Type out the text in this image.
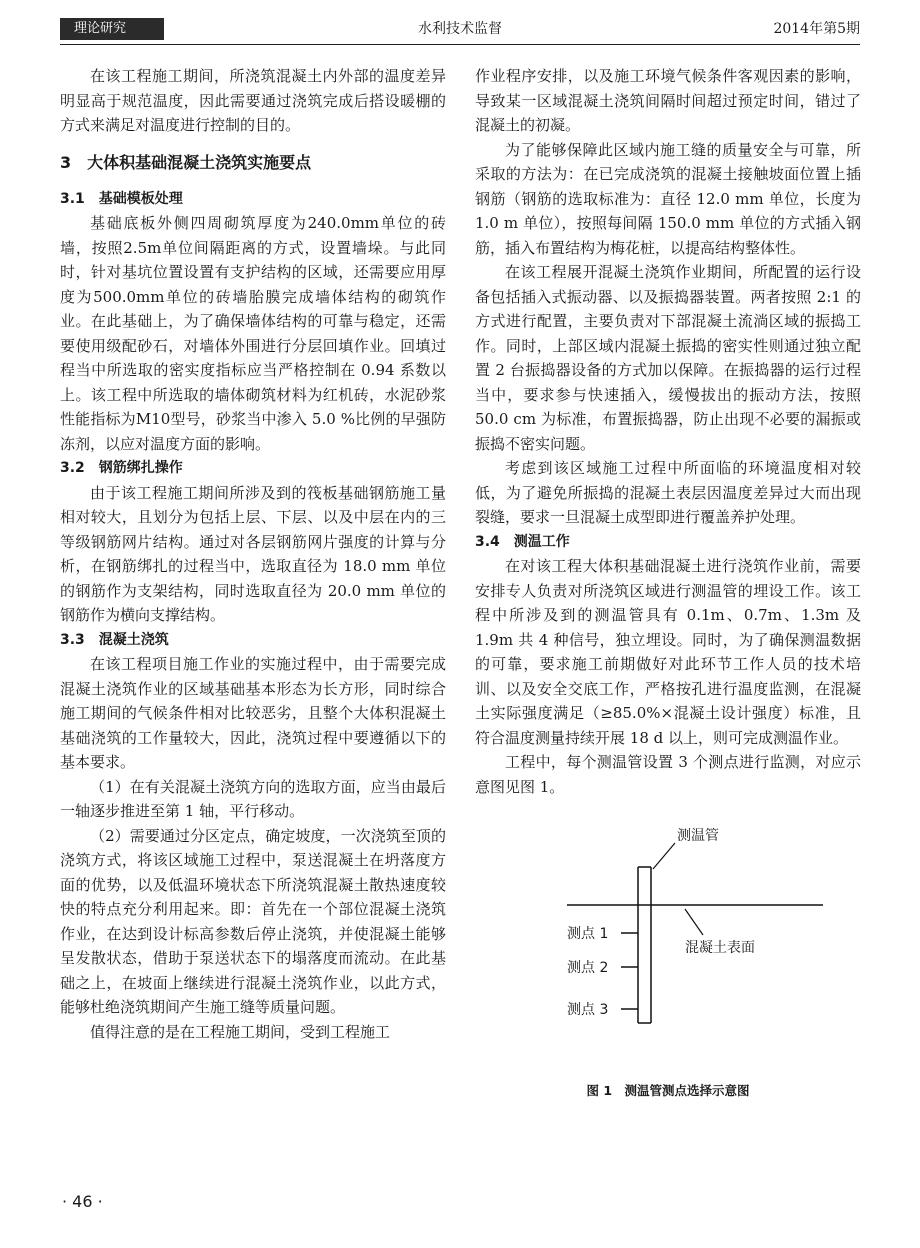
理论研究	水利技术监督	2014年第5期

在该工程施工期间，所浇筑混凝土内外部的温度差异明显高于规范温度，因此需要通过浇筑完成后搭设暖棚的方式来满足对温度进行控制的目的。

3　大体积基础混凝土浇筑实施要点
3.1　基础模板处理

基础底板外侧四周砌筑厚度为240.0mm单位的砖墙，按照2.5m单位间隔距离的方式，设置墙垛。与此同时，针对基坑位置设置有支护结构的区域，还需要应用厚度为500.0mm单位的砖墙胎膜完成墙体结构的砌筑作业。在此基础上，为了确保墙体结构的可靠与稳定，还需要使用级配砂石，对墙体外围进行分层回填作业。回填过程当中所选取的密实度指标应当严格控制在 0.94 系数以上。该工程中所选取的墙体砌筑材料为红机砖，水泥砂浆性能指标为M10型号，砂浆当中渗入 5.0 %比例的早强防冻剂，以应对温度方面的影响。

3.2　钢筋绑扎操作

由于该工程施工期间所涉及到的筏板基础钢筋施工量相对较大，且划分为包括上层、下层、以及中层在内的三等级钢筋网片结构。通过对各层钢筋网片强度的计算与分析，在钢筋绑扎的过程当中，选取直径为 18.0 mm 单位的钢筋作为支架结构，同时选取直径为 20.0 mm 单位的钢筋作为横向支撑结构。

3.3　混凝土浇筑

在该工程项目施工作业的实施过程中，由于需要完成混凝土浇筑作业的区域基础基本形态为长方形，同时综合施工期间的气候条件相对比较恶劣，且整个大体积混凝土基础浇筑的工作量较大，因此，浇筑过程中要遵循以下的基本要求。

（1）在有关混凝土浇筑方向的选取方面，应当由最后一轴逐步推进至第 1 轴，平行移动。

（2）需要通过分区定点，确定坡度，一次浇筑至顶的浇筑方式，将该区域施工过程中，泵送混凝土在坍落度方面的优势，以及低温环境状态下所浇筑混凝土散热速度较快的特点充分利用起来。即：首先在一个部位混凝土浇筑作业，在达到设计标高参数后停止浇筑，并使混凝土能够呈发散状态，借助于泵送状态下的塌落度而流动。在此基础之上，在坡面上继续进行混凝土浇筑作业，以此方式，能够杜绝浇筑期间产生施工缝等质量问题。

值得注意的是在工程施工期间，受到工程施工

作业程序安排，以及施工环境气候条件客观因素的影响，导致某一区域混凝土浇筑间隔时间超过预定时间，错过了混凝土的初凝。

为了能够保障此区域内施工缝的质量安全与可靠，所采取的方法为：在已完成浇筑的混凝土接触坡面位置上插钢筋（钢筋的选取标准为：直径 12.0 mm 单位，长度为 1.0 m 单位），按照每间隔 150.0 mm 单位的方式插入钢筋，插入布置结构为梅花桩，以提高结构整体性。

在该工程展开混凝土浇筑作业期间，所配置的运行设备包括插入式振动器、以及振捣器装置。两者按照 2:1 的方式进行配置，主要负责对下部混凝土流淌区域的振捣工作。同时，上部区域内混凝土振捣的密实性则通过独立配置 2 台振捣器设备的方式加以保障。在振捣器的运行过程当中，要求参与快速插入，缓慢拔出的振动方法，按照 50.0 cm 为标准，布置振捣器，防止出现不必要的漏振或振捣不密实问题。

考虑到该区域施工过程中所面临的环境温度相对较低，为了避免所振捣的混凝土表层因温度差异过大而出现裂缝，要求一旦混凝土成型即进行覆盖养护处理。

3.4　测温工作

在对该工程大体积基础混凝土进行浇筑作业前，需要安排专人负责对所浇筑区域进行测温管的埋设工作。该工程中所涉及到的测温管具有 0.1m、0.7m、1.3m 及 1.9m 共 4 种信号，独立埋设。同时，为了确保测温数据的可靠，要求施工前期做好对此环节工作人员的技术培训、以及安全交底工作，严格按孔进行温度监测，在混凝土实际强度满足（≥85.0%×混凝土设计强度）标准，且符合温度测量持续开展 18 d 以上，则可完成测温作业。

工程中，每个测温管设置 3 个测点进行监测，对应示意图见图 1。

测温管
混凝土表面
测点 1
测点 2
测点 3
图 1　测温管测点选择示意图
· 46 ·
